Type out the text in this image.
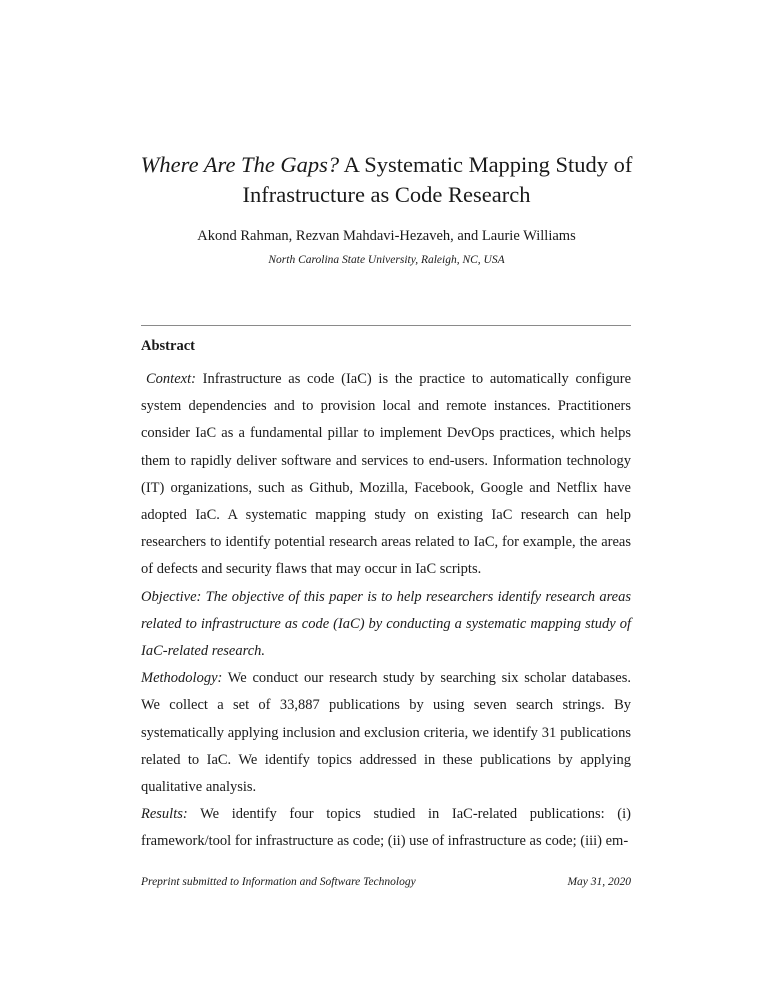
Where Are The Gaps? A Systematic Mapping Study of
Infrastructure as Code Research
Akond Rahman, Rezvan Mahdavi-Hezaveh, and Laurie Williams
North Carolina State University, Raleigh, NC, USA
Abstract

Context: Infrastructure as code (IaC) is the practice to automatically configure system dependencies and to provision local and remote instances. Practitioners consider IaC as a fundamental pillar to implement DevOps practices, which helps them to rapidly deliver software and services to end-users. Information technology (IT) organizations, such as Github, Mozilla, Facebook, Google and Netflix have adopted IaC. A systematic mapping study on existing IaC research can help researchers to identify potential research areas related to IaC, for example, the areas of defects and security flaws that may occur in IaC scripts.

Objective: The objective of this paper is to help researchers identify research areas related to infrastructure as code (IaC) by conducting a systematic mapping study of IaC-related research.

Methodology: We conduct our research study by searching six scholar databases. We collect a set of 33,887 publications by using seven search strings. By systematically applying inclusion and exclusion criteria, we identify 31 publications related to IaC. We identify topics addressed in these publications by applying qualitative analysis.

Results: We identify four topics studied in IaC-related publications: (i) framework/tool for infrastructure as code; (ii) use of infrastructure as code; (iii) em-

Preprint submitted to Information and Software Technology	May 31, 2020
